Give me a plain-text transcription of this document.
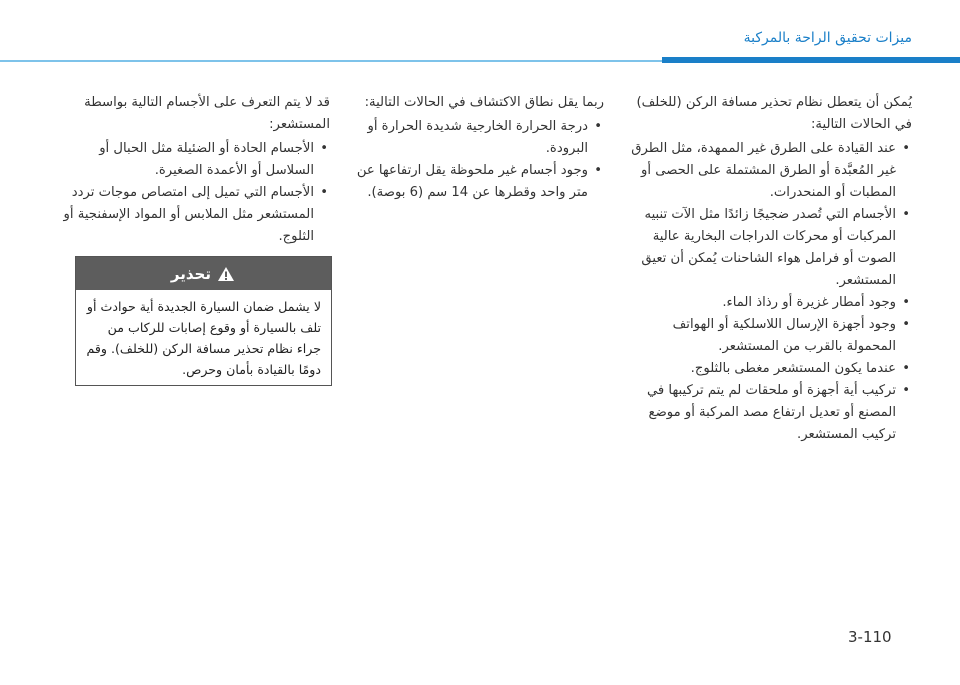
ميزات تحقيق الراحة بالمركبة
يُمكن أن يتعطل نظام تحذير مسافة الركن (للخلف) في الحالات التالية:
• عند القيادة على الطرق غير الممهدة، مثل الطرق غير المُعبَّدة أو الطرق المشتملة على الحصى أو المطبات أو المنحدرات.
• الأجسام التي تُصدر ضجيجًا زائدًا مثل الآت تنبيه المركبات أو محركات الدراجات البخارية عالية الصوت أو فرامل هواء الشاحنات يُمكن أن تعيق المستشعر.
• وجود أمطار غزيرة أو رذاذ الماء.
• وجود أجهزة الإرسال اللاسلكية أو الهواتف المحمولة بالقرب من المستشعر.
• عندما يكون المستشعر مغطى بالثلوج.
• تركيب أية أجهزة أو ملحقات لم يتم تركيبها في المصنع أو تعديل ارتفاع مصد المركبة أو موضع تركيب المستشعر.
ربما يقل نطاق الاكتشاف في الحالات التالية:
• درجة الحرارة الخارجية شديدة الحرارة أو البرودة.
• وجود أجسام غير ملحوظة يقل ارتفاعها عن متر واحد وقطرها عن 14 سم (6 بوصة).
قد لا يتم التعرف على الأجسام التالية بواسطة المستشعر:
• الأجسام الحادة أو الضئيلة مثل الحبال أو السلاسل أو الأعمدة الصغيرة.
• الأجسام التي تميل إلى امتصاص موجات تردد المستشعر مثل الملابس أو المواد الإسفنجية أو الثلوج.
تحذير
لا يشمل ضمان السيارة الجديدة أية حوادث أو تلف بالسيارة أو وقوع إصابات للركاب من جراء نظام تحذير مسافة الركن (للخلف). وقم دومًا بالقيادة بأمان وحرص.
3-110
